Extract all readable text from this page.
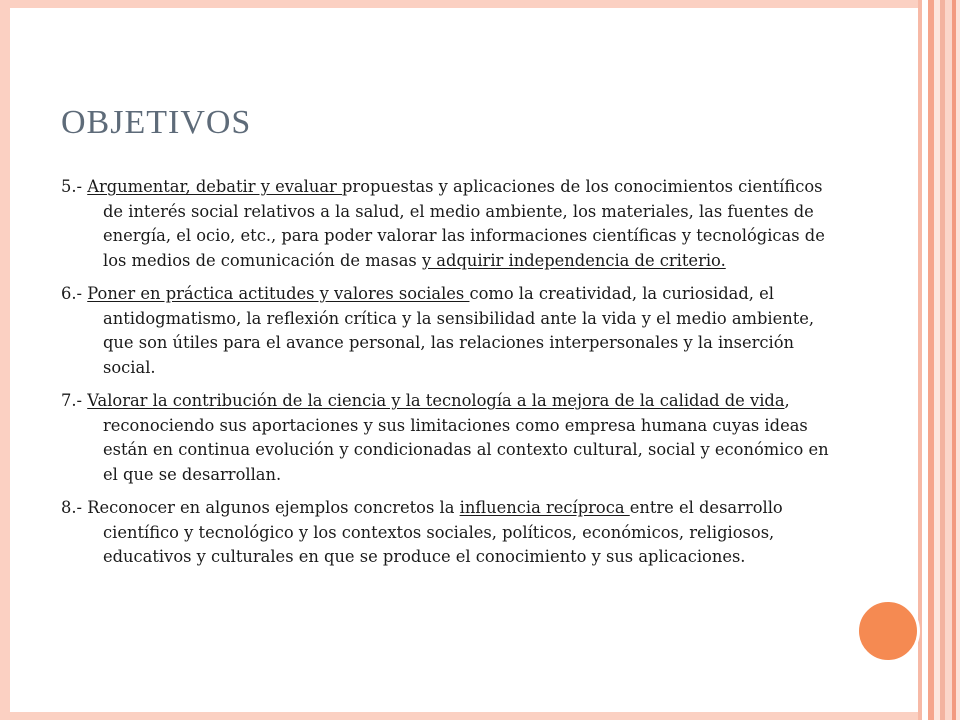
OBJETIVOS

5.- Argumentar, debatir y evaluar propuestas y aplicaciones de los conocimientos científicos de interés social relativos a la salud, el medio ambiente, los materiales, las fuentes de energía, el ocio, etc., para poder valorar las informaciones científicas y tecnológicas de los medios de comunicación de masas y adquirir independencia de criterio.

6.- Poner en práctica actitudes y valores sociales como la creatividad, la curiosidad, el antidogmatismo, la reflexión crítica y la sensibilidad ante la vida y el medio ambiente, que son útiles para el avance personal, las relaciones interpersonales y la inserción social.

7.- Valorar la contribución de la ciencia y la tecnología a la mejora de la calidad de vida, reconociendo sus aportaciones y sus limitaciones como empresa humana cuyas ideas están en continua evolución y condicionadas al contexto cultural, social y económico en el que se desarrollan.

8.- Reconocer en algunos ejemplos concretos la influencia recíproca entre el desarrollo científico y tecnológico y los contextos sociales, políticos, económicos, religiosos, educativos y culturales en que se produce el conocimiento y sus aplicaciones.
